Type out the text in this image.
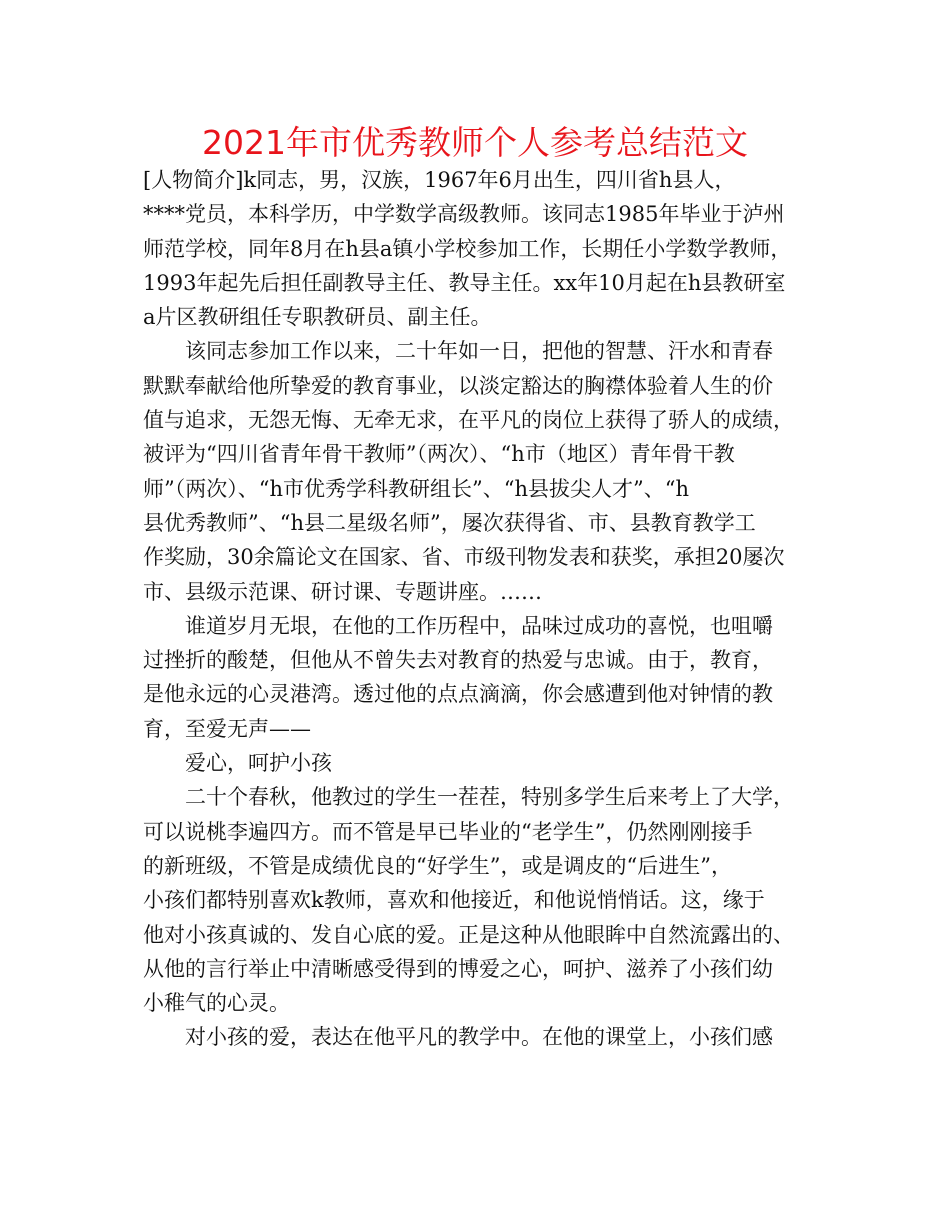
2021年市优秀教师个人参考总结范文
[人物简介]k同志，男，汉族，1967年6月出生，四川省h县人，
****党员，本科学历，中学数学高级教师。该同志1985年毕业于泸州
师范学校，同年8月在h县a镇小学校参加工作，长期任小学数学教师，
1993年起先后担任副教导主任、教导主任。xx年10月起在h县教研室
a片区教研组任专职教研员、副主任。
该同志参加工作以来，二十年如一日，把他的智慧、汗水和青春
默默奉献给他所挚爱的教育事业，以淡定豁达的胸襟体验着人生的价
值与追求，无怨无悔、无牵无求，在平凡的岗位上获得了骄人的成绩，
被评为“四川省青年骨干教师”（两次）、“h市（地区）青年骨干教
师”（两次）、“h市优秀学科教研组长”、“h县拔尖人才”、“h
县优秀教师”、“h县二星级名师”，屡次获得省、市、县教育教学工
作奖励，30余篇论文在国家、省、市级刊物发表和获奖，承担20屡次
市、县级示范课、研讨课、专题讲座。……
谁道岁月无垠，在他的工作历程中，品味过成功的喜悦，也咀嚼
过挫折的酸楚，但他从不曾失去对教育的热爱与忠诚。由于，教育，
是他永远的心灵港湾。透过他的点点滴滴，你会感遭到他对钟情的教
育，至爱无声——
爱心，呵护小孩
二十个春秋，他教过的学生一茬茬，特别多学生后来考上了大学，
可以说桃李遍四方。而不管是早已毕业的“老学生”，仍然刚刚接手
的新班级，不管是成绩优良的“好学生”，或是调皮的“后进生”，
小孩们都特别喜欢k教师，喜欢和他接近，和他说悄悄话。这，缘于
他对小孩真诚的、发自心底的爱。正是这种从他眼眸中自然流露出的、
从他的言行举止中清晰感受得到的博爱之心，呵护、滋养了小孩们幼
小稚气的心灵。
对小孩的爱，表达在他平凡的教学中。在他的课堂上，小孩们感
